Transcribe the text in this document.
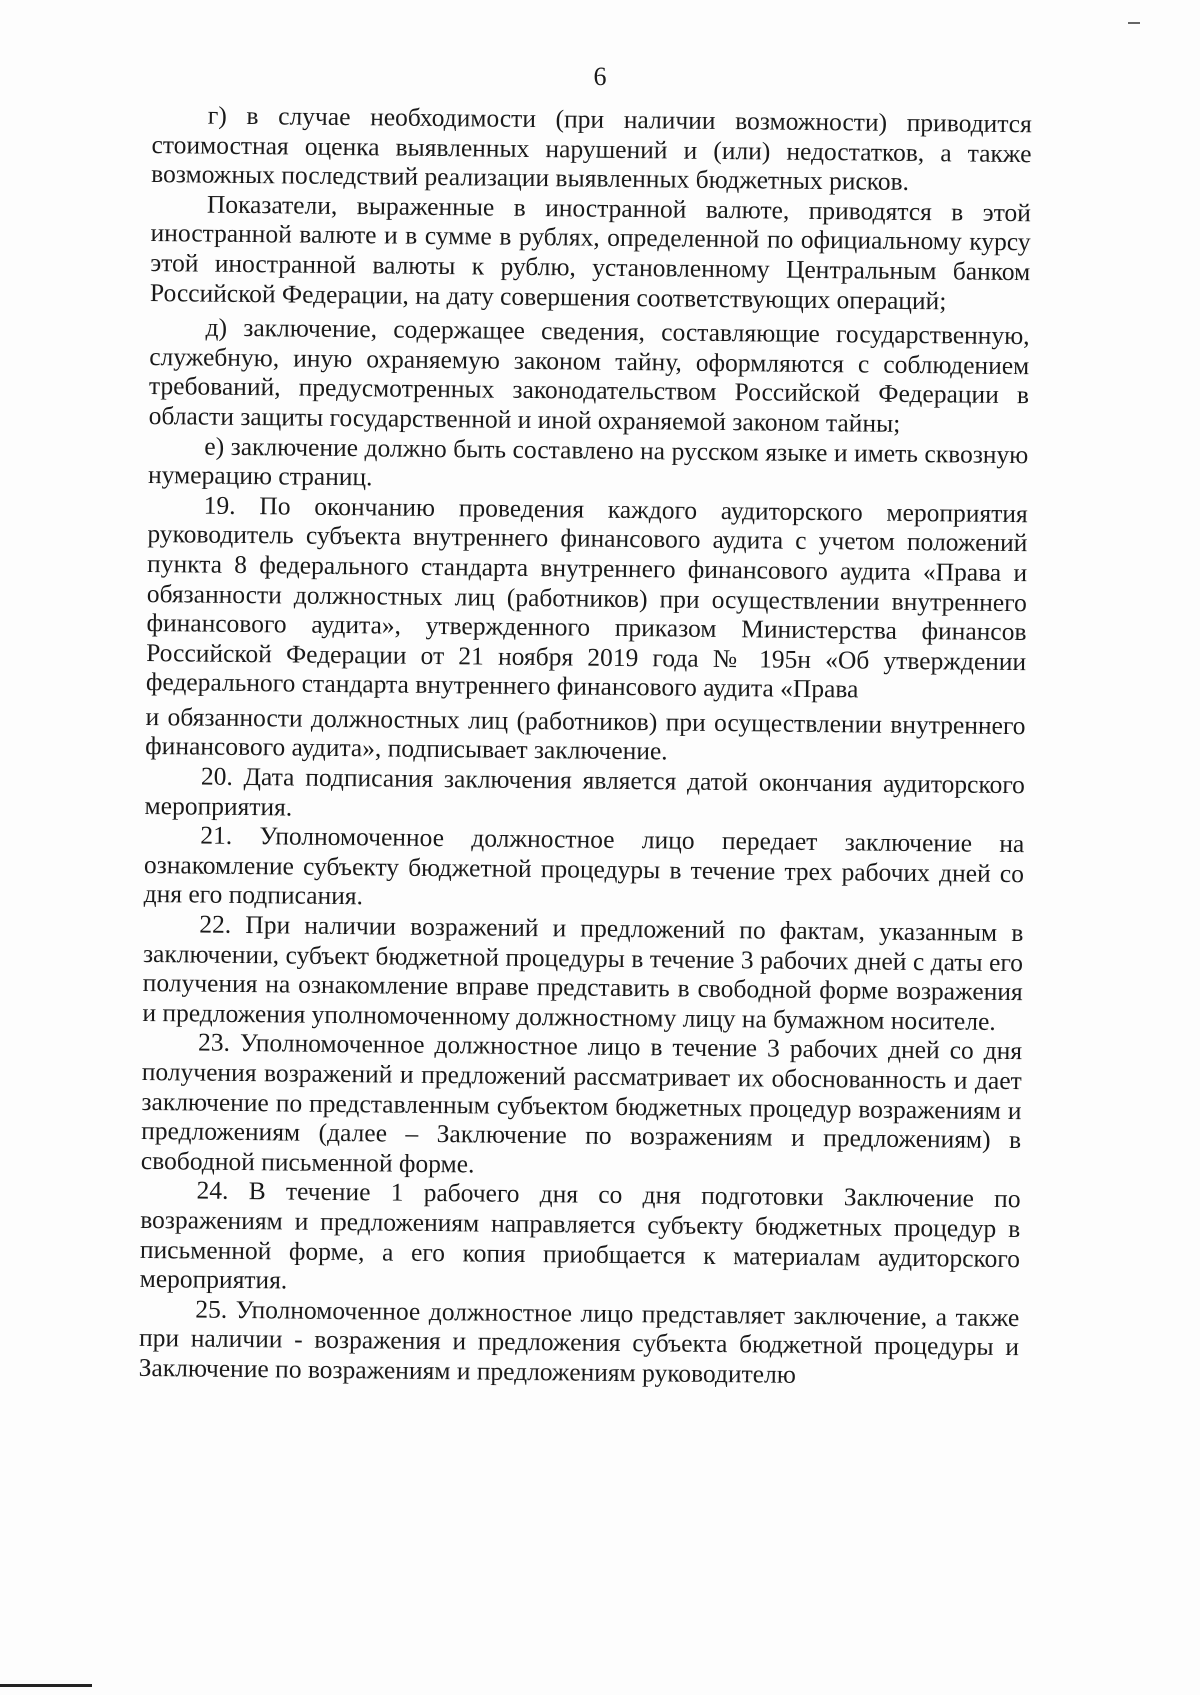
6

г) в случае необходимости (при наличии возможности) приводится стоимостная оценка выявленных нарушений и (или) недостатков, а также возможных последствий реализации выявленных бюджетных рисков.

Показатели, выраженные в иностранной валюте, приводятся в этой иностранной валюте и в сумме в рублях, определенной по официальному курсу этой иностранной валюты к рублю, установленному Центральным банком Российской Федерации, на дату совершения соответствующих операций;

д) заключение, содержащее сведения, составляющие государственную, служебную, иную охраняемую законом тайну, оформляются с соблюдением требований, предусмотренных законодательством Российской Федерации в области защиты государственной и иной охраняемой законом тайны;

е) заключение должно быть составлено на русском языке и иметь сквозную нумерацию страниц.

19. По окончанию проведения каждого аудиторского мероприятия руководитель субъекта внутреннего финансового аудита с учетом положений пункта 8 федерального стандарта внутреннего финансового аудита «Права и обязанности должностных лиц (работников) при осуществлении внутреннего финансового аудита», утвержденного приказом Министерства финансов Российской Федерации от 21 ноября 2019 года № 195н «Об утверждении федерального стандарта внутреннего финансового аудита «Права

и обязанности должностных лиц (работников) при осуществлении внутреннего финансового аудита», подписывает заключение.

20. Дата подписания заключения является датой окончания аудиторского мероприятия.

21. Уполномоченное должностное лицо передает заключение на ознакомление субъекту бюджетной процедуры в течение трех рабочих дней со дня его подписания.

22. При наличии возражений и предложений по фактам, указанным в заключении, субъект бюджетной процедуры в течение 3 рабочих дней с даты его получения на ознакомление вправе представить в свободной форме возражения и предложения уполномоченному должностному лицу на бумажном носителе.

23. Уполномоченное должностное лицо в течение 3 рабочих дней со дня получения возражений и предложений рассматривает их обоснованность и дает заключение по представленным субъектом бюджетных процедур возражениям и предложениям (далее – Заключение по возражениям и предложениям) в свободной письменной форме.

24. В течение 1 рабочего дня со дня подготовки Заключение по возражениям и предложениям направляется субъекту бюджетных процедур в письменной форме, а его копия приобщается к материалам аудиторского мероприятия.

25. Уполномоченное должностное лицо представляет заключение, а также при наличии - возражения и предложения субъекта бюджетной процедуры и Заключение по возражениям и предложениям руководителю
